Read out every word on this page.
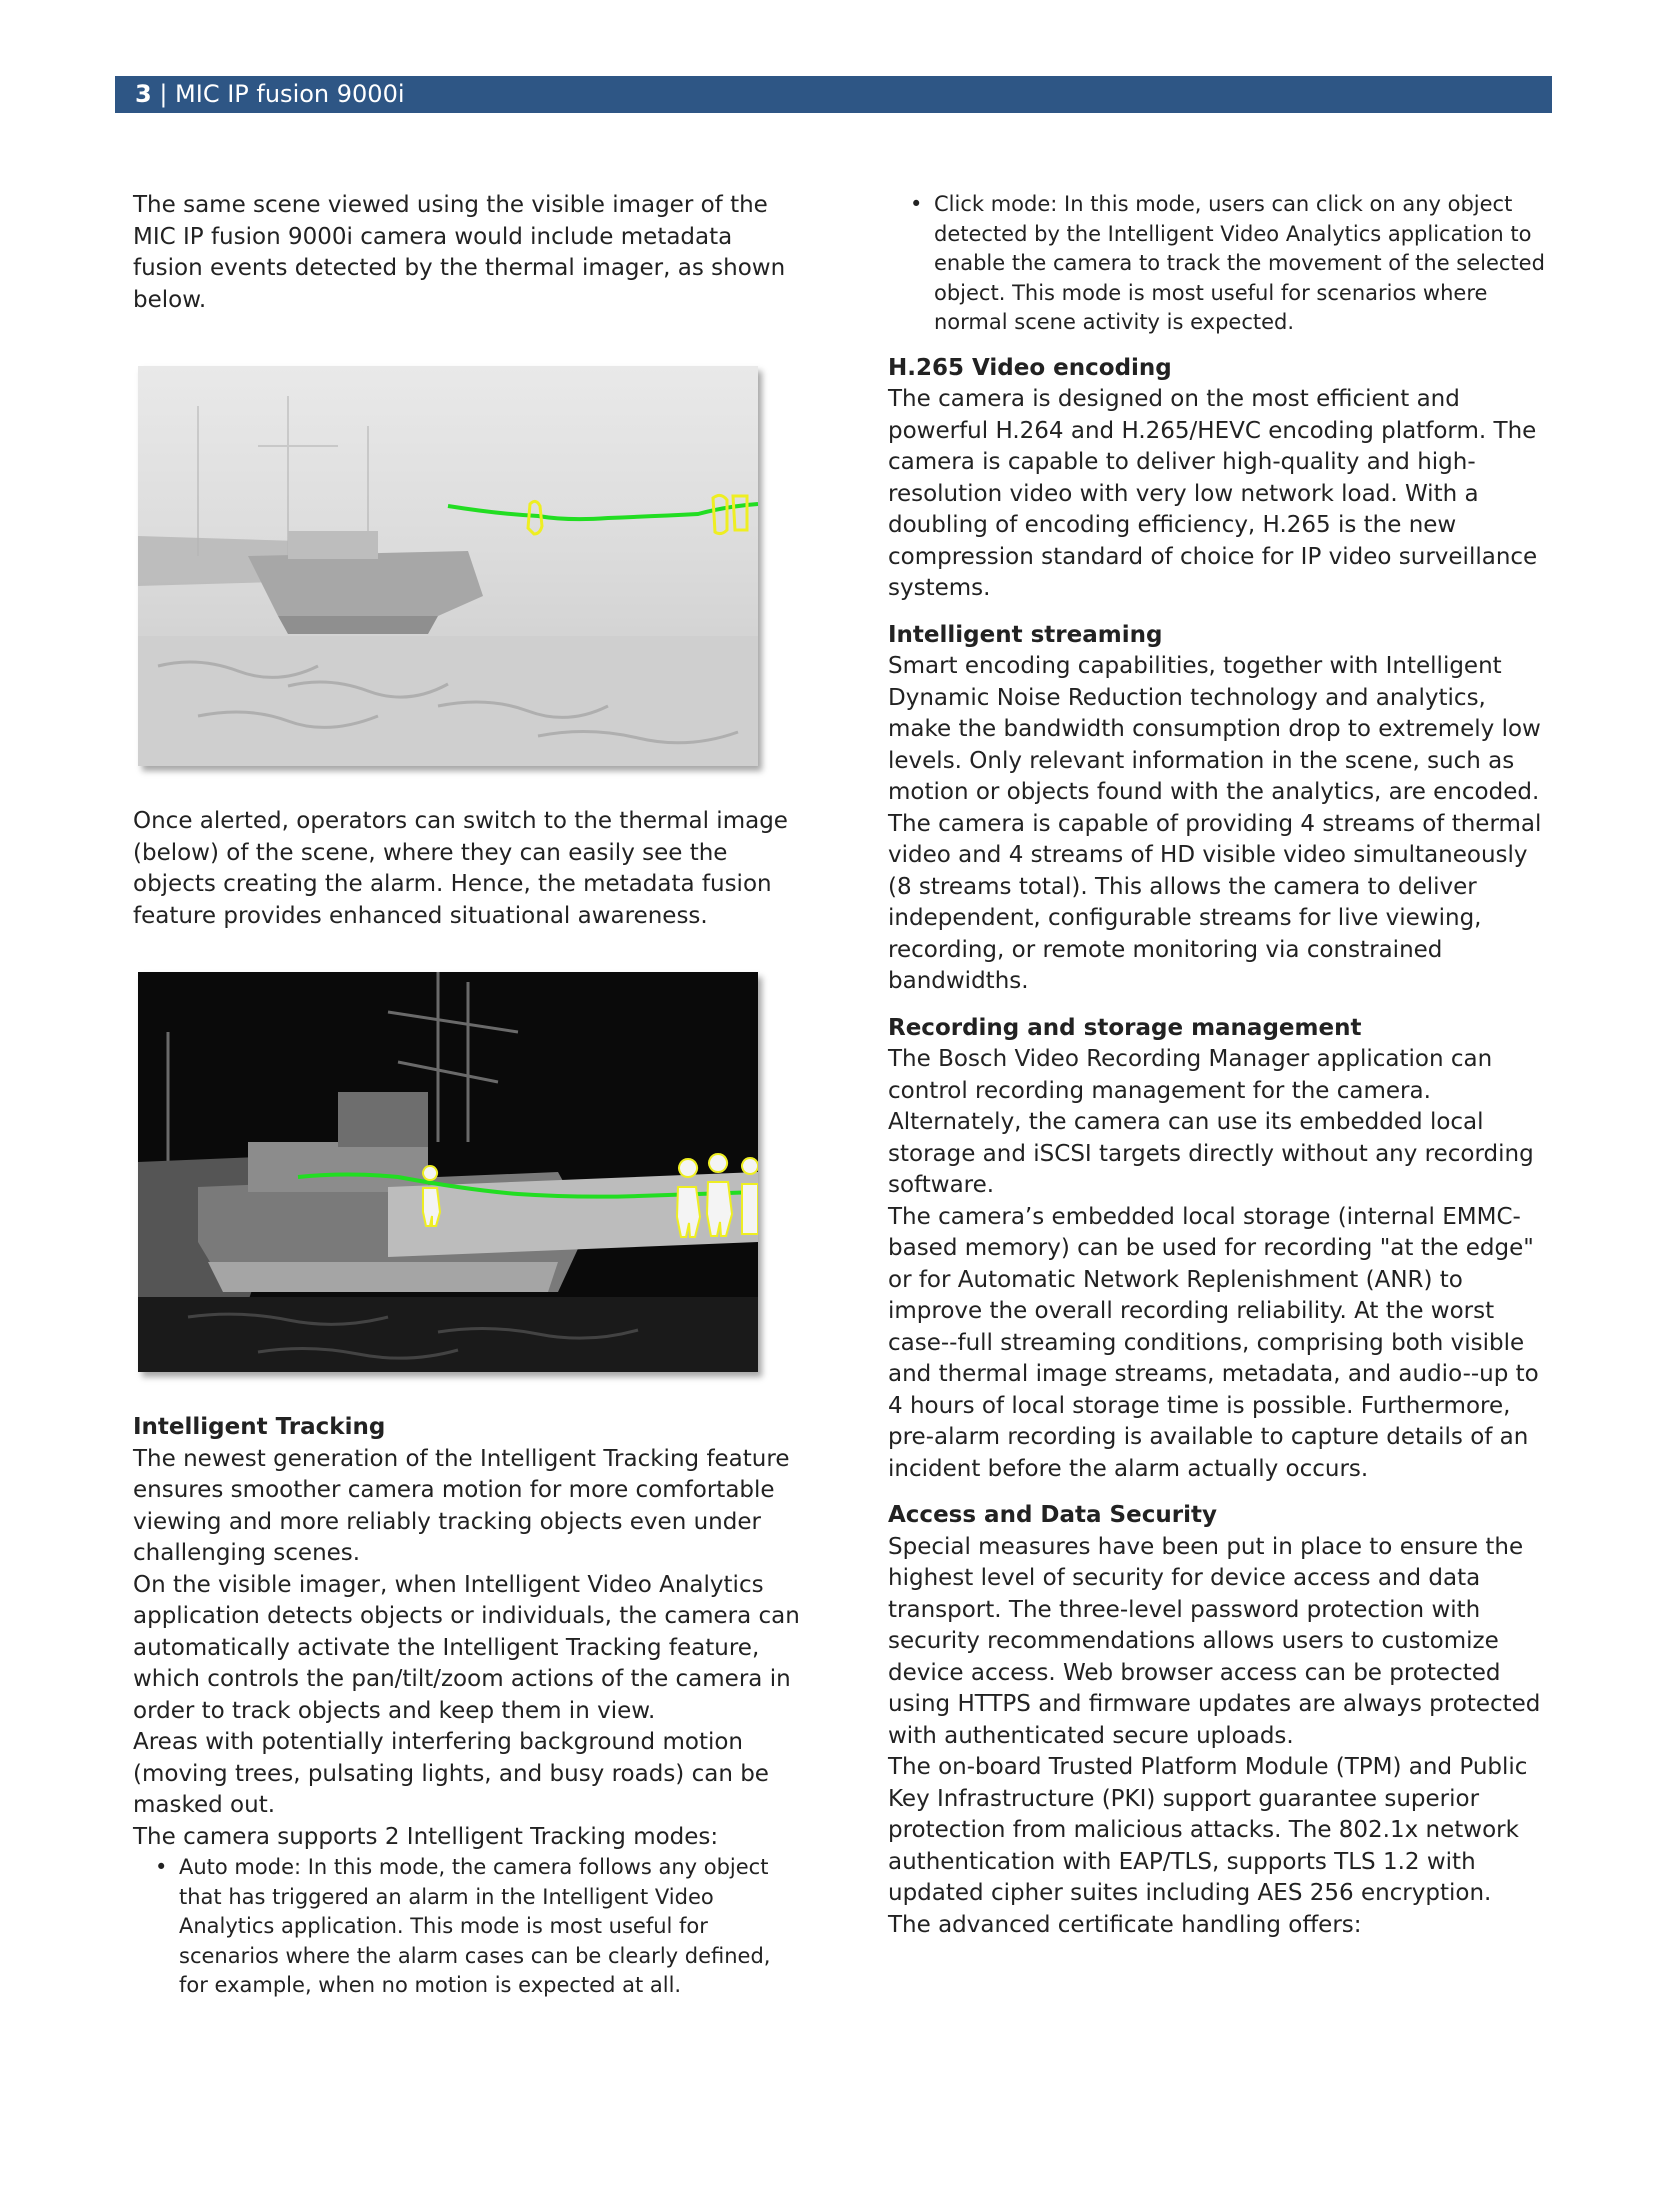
3 | MIC IP fusion 9000i

The same scene viewed using the visible imager of the MIC IP fusion 9000i camera would include metadata fusion events detected by the thermal imager, as shown below.

Once alerted, operators can switch to the thermal image (below) of the scene, where they can easily see the objects creating the alarm. Hence, the metadata fusion feature provides enhanced situational awareness.

Intelligent Tracking

The newest generation of the Intelligent Tracking feature ensures smoother camera motion for more comfortable viewing and more reliably tracking objects even under challenging scenes.

On the visible imager, when Intelligent Video Analytics application detects objects or individuals, the camera can automatically activate the Intelligent Tracking feature, which controls the pan/tilt/zoom actions of the camera in order to track objects and keep them in view.

Areas with potentially interfering background motion (moving trees, pulsating lights, and busy roads) can be masked out.

The camera supports 2 Intelligent Tracking modes:

• Auto mode: In this mode, the camera follows any object that has triggered an alarm in the Intelligent Video Analytics application. This mode is most useful for scenarios where the alarm cases can be clearly defined, for example, when no motion is expected at all.
• Click mode: In this mode, users can click on any object detected by the Intelligent Video Analytics application to enable the camera to track the movement of the selected object. This mode is most useful for scenarios where normal scene activity is expected.
H.265 Video encoding

The camera is designed on the most efficient and powerful H.264 and H.265/HEVC encoding platform. The camera is capable to deliver high-quality and high-resolution video with very low network load. With a doubling of encoding efficiency, H.265 is the new compression standard of choice for IP video surveillance systems.

Intelligent streaming

Smart encoding capabilities, together with Intelligent Dynamic Noise Reduction technology and analytics, make the bandwidth consumption drop to extremely low levels. Only relevant information in the scene, such as motion or objects found with the analytics, are encoded.

The camera is capable of providing 4 streams of thermal video and 4 streams of HD visible video simultaneously (8 streams total). This allows the camera to deliver independent, configurable streams for live viewing, recording, or remote monitoring via constrained bandwidths.

Recording and storage management

The Bosch Video Recording Manager application can control recording management for the camera. Alternately, the camera can use its embedded local storage and iSCSI targets directly without any recording software.

The camera’s embedded local storage (internal EMMC-based memory) can be used for recording "at the edge" or for Automatic Network Replenishment (ANR) to improve the overall recording reliability. At the worst case--full streaming conditions, comprising both visible and thermal image streams, metadata, and audio--up to 4 hours of local storage time is possible. Furthermore, pre-alarm recording is available to capture details of an incident before the alarm actually occurs.

Access and Data Security

Special measures have been put in place to ensure the highest level of security for device access and data transport. The three-level password protection with security recommendations allows users to customize device access. Web browser access can be protected using HTTPS and firmware updates are always protected with authenticated secure uploads.

The on-board Trusted Platform Module (TPM) and Public Key Infrastructure (PKI) support guarantee superior protection from malicious attacks. The 802.1x network authentication with EAP/TLS, supports TLS 1.2 with updated cipher suites including AES 256 encryption.

The advanced certificate handling offers:
